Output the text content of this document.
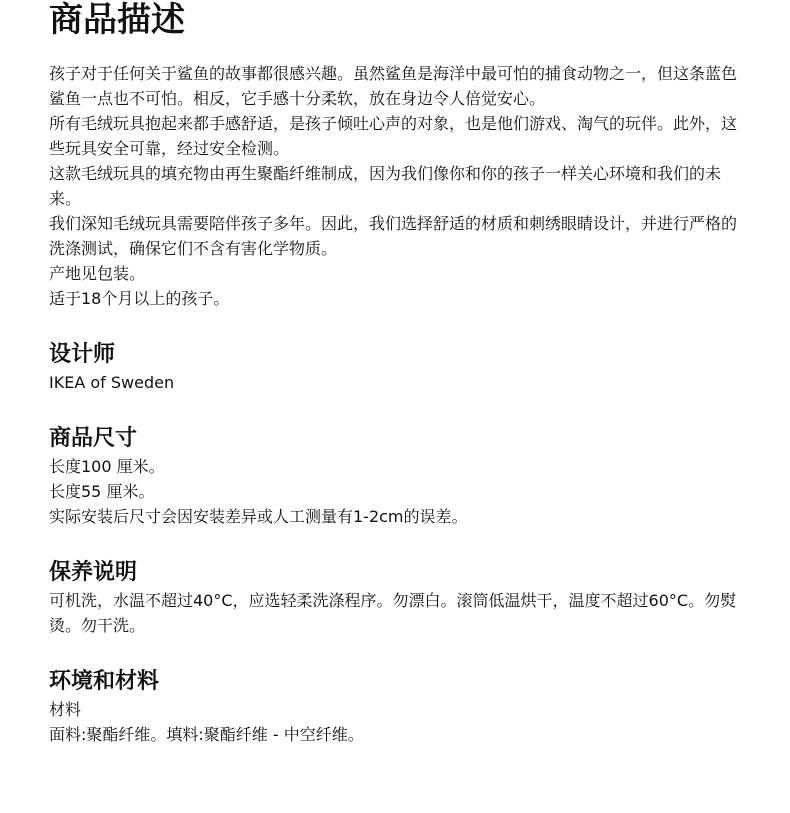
商品描述

孩子对于任何关于鲨鱼的故事都很感兴趣。虽然鲨鱼是海洋中最可怕的捕食动物之一，但这条蓝色鲨鱼一点也不可怕。相反，它手感十分柔软，放在身边令人倍觉安心。

所有毛绒玩具抱起来都手感舒适，是孩子倾吐心声的对象，也是他们游戏、淘气的玩伴。此外，这些玩具安全可靠，经过安全检测。

这款毛绒玩具的填充物由再生聚酯纤维制成，因为我们像你和你的孩子一样关心环境和我们的未来。

我们深知毛绒玩具需要陪伴孩子多年。因此，我们选择舒适的材质和刺绣眼睛设计，并进行严格的洗涤测试，确保它们不含有害化学物质。

产地见包装。

适于18个月以上的孩子。

设计师

IKEA of Sweden

商品尺寸

长度100 厘米。

长度55 厘米。

实际安装后尺寸会因安装差异或人工测量有1-2cm的误差。

保养说明

可机洗，水温不超过40°C，应选轻柔洗涤程序。勿漂白。滚筒低温烘干，温度不超过60°C。勿熨烫。勿干洗。

环境和材料

材料

面料:聚酯纤维。填料:聚酯纤维 - 中空纤维。
